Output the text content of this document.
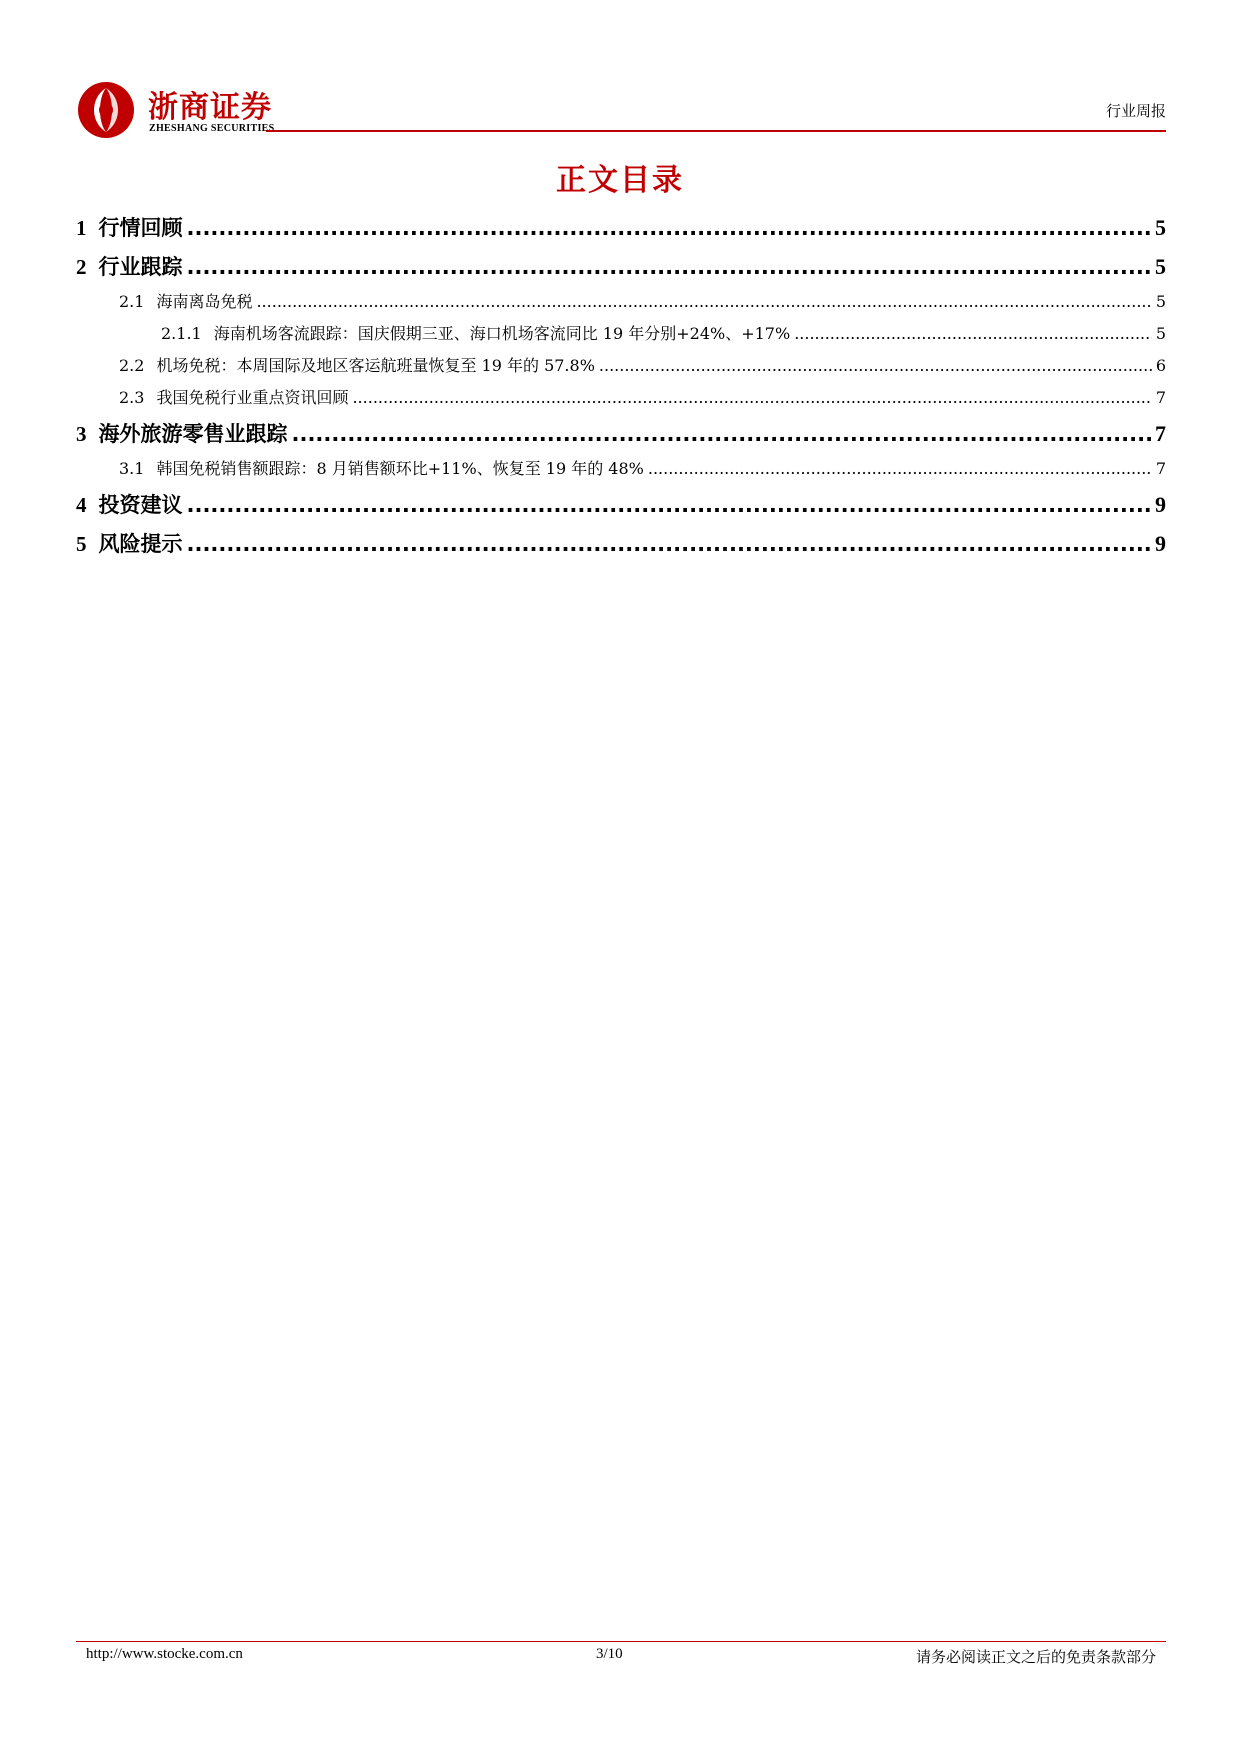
浙商证券
ZHESHANG SECURITIES
行业周报
正文目录
1 行情回顾 .....	5
2 行业跟踪 .....	5
2.1 海南离岛免税 .....	5
2.1.1 海南机场客流跟踪：国庆假期三亚、海口机场客流同比 19 年分别+24%、+17% .....	5
2.2 机场免税：本周国际及地区客运航班量恢复至 19 年的 57.8% .....	6
2.3 我国免税行业重点资讯回顾 .....	7
3 海外旅游零售业跟踪 .....	7
3.1 韩国免税销售额跟踪：8 月销售额环比+11%、恢复至 19 年的 48% .....	7
4 投资建议 .....	9
5 风险提示 .....	9
http://www.stocke.com.cn	3/10	请务必阅读正文之后的免责条款部分
